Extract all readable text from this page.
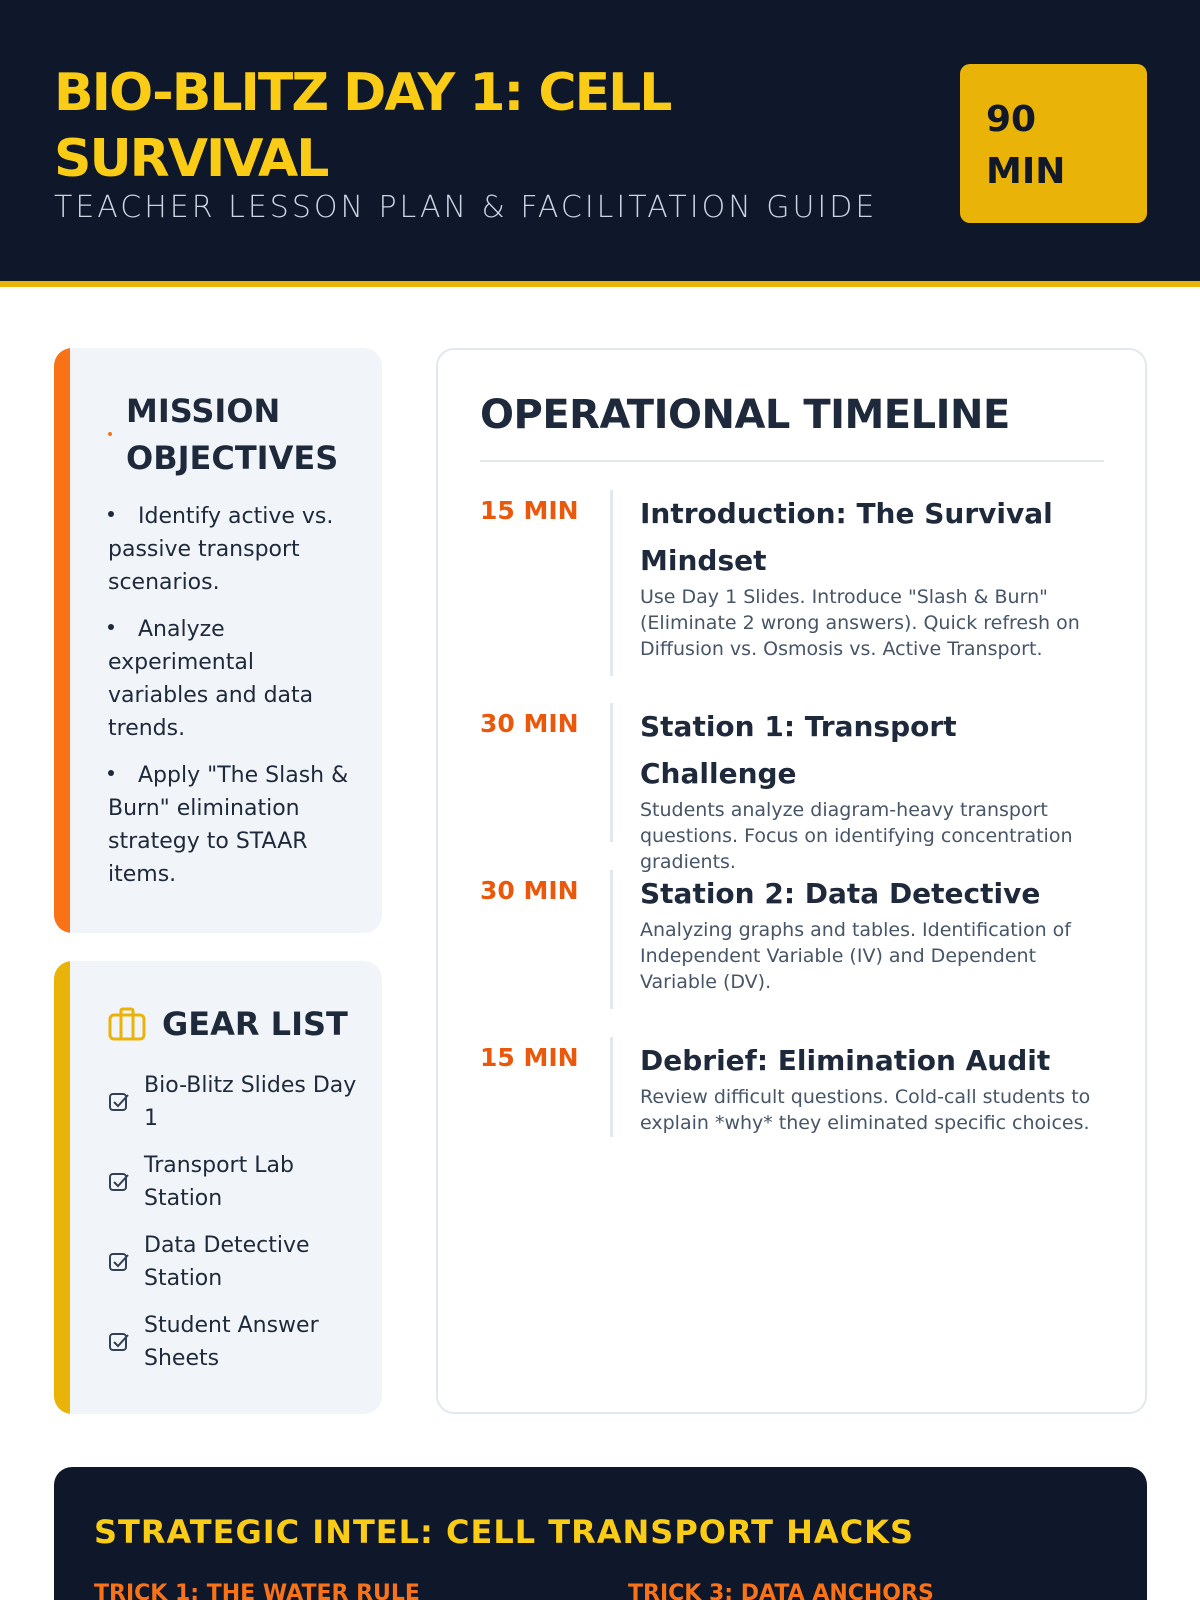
BIO-BLITZ DAY 1: CELL SURVIVAL
TEACHER LESSON PLAN & FACILITATION GUIDE
90 MIN
MISSION OBJECTIVES
Identify active vs. passive transport scenarios.
Analyze experimental variables and data trends.
Apply "The Slash & Burn" elimination strategy to STAAR items.
GEAR LIST
Bio-Blitz Slides Day 1
Transport Lab Station
Data Detective Station
Student Answer Sheets
OPERATIONAL TIMELINE
15 MIN	Introduction: The Survival Mindset
Use Day 1 Slides. Introduce "Slash & Burn" (Eliminate 2 wrong answers). Quick refresh on Diffusion vs. Osmosis vs. Active Transport.
30 MIN	Station 1: Transport Challenge
Students analyze diagram-heavy transport questions. Focus on identifying concentration gradients.
30 MIN	Station 2: Data Detective
Analyzing graphs and tables. Identification of Independent Variable (IV) and Dependent Variable (DV).
15 MIN	Debrief: Elimination Audit
Review difficult questions. Cold-call students to explain *why* they eliminated specific choices.
STRATEGIC INTEL: CELL TRANSPORT HACKS
TRICK 1: THE WATER RULE	TRICK 3: DATA ANCHORS
